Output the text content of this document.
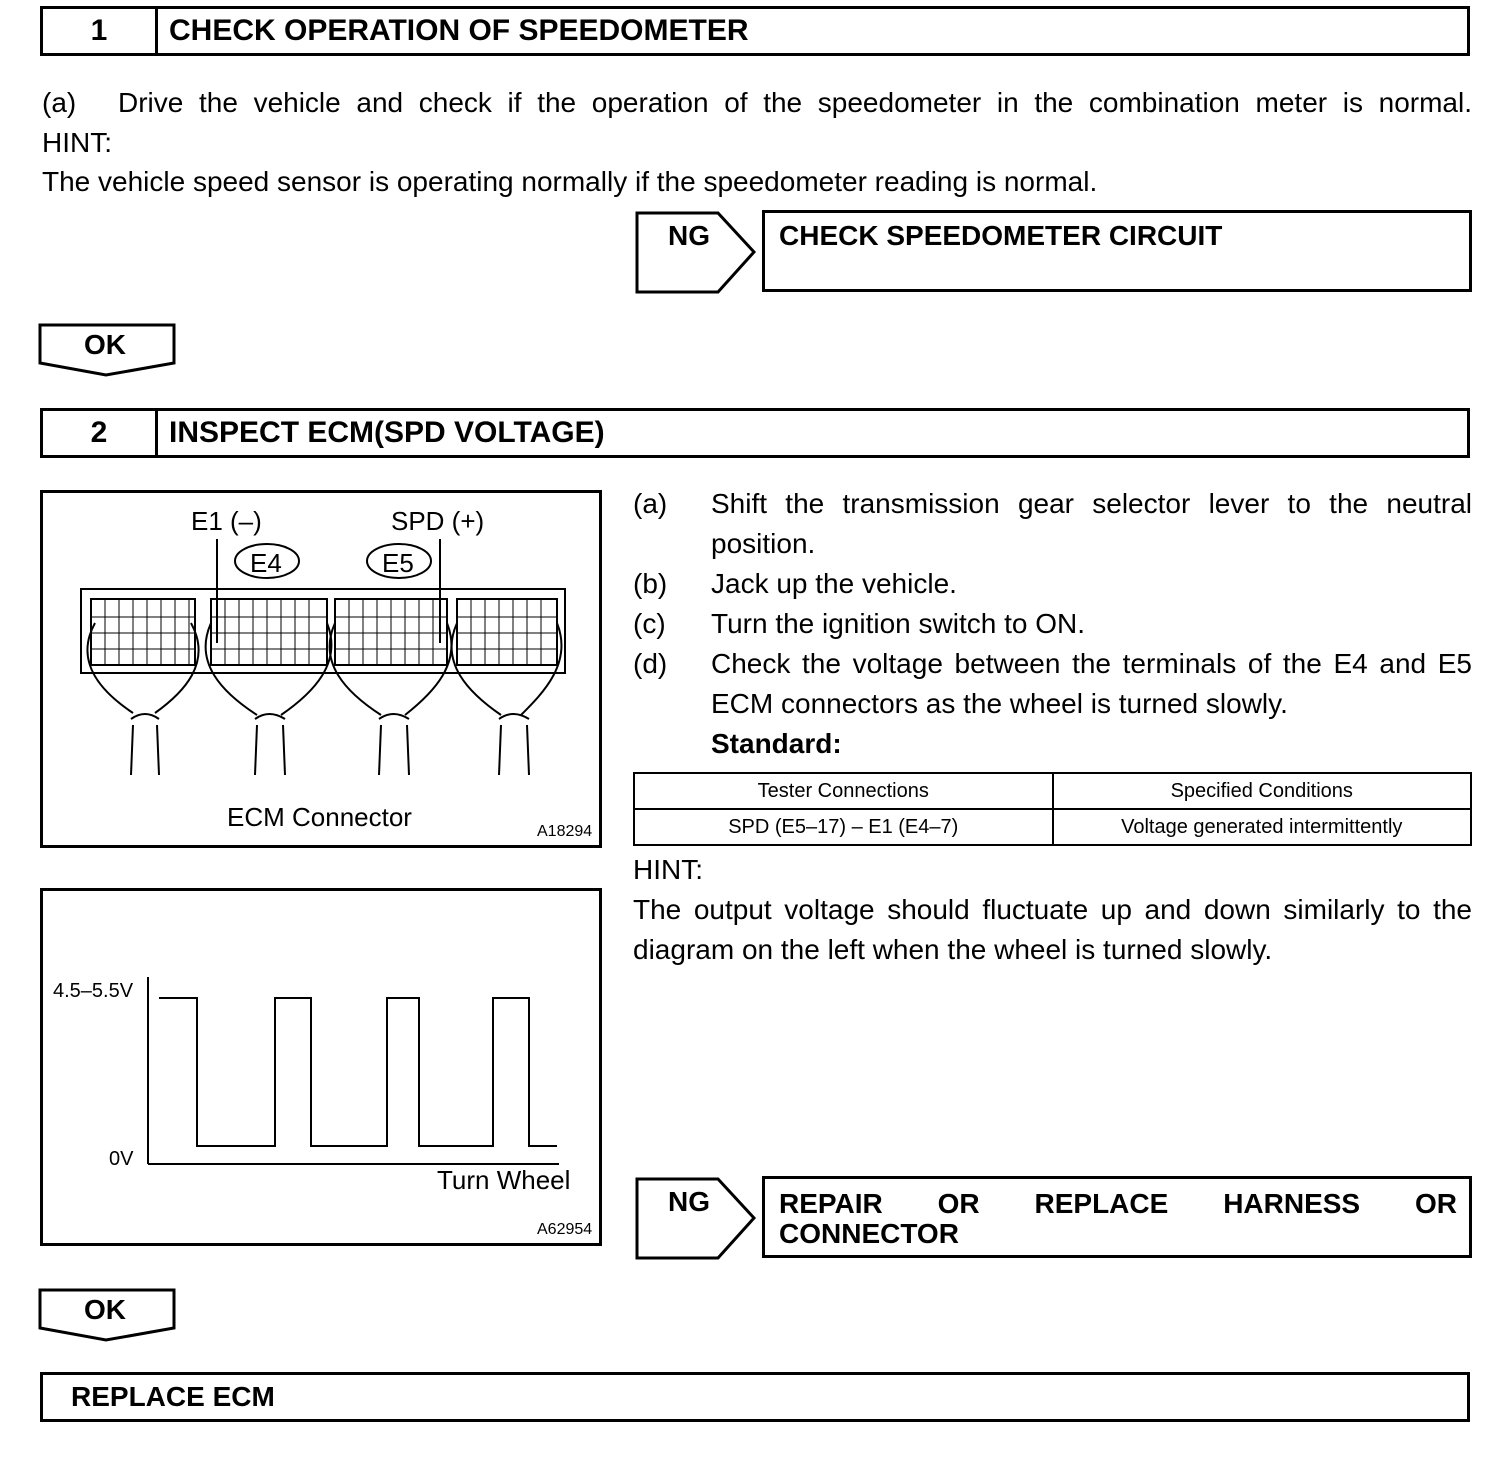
1	CHECK OPERATION OF SPEEDOMETER
(a) Drive the vehicle and check if the operation of the speedometer in the combination meter is normal.
HINT:
The vehicle speed sensor is operating normally if the speedometer reading is normal.
NG CHECK SPEEDOMETER CIRCUIT
OK
2	INSPECT ECM(SPD VOLTAGE)
E1 (–)	SPD (+)
E4	E5
ECM Connector	A18294
4.5–5.5V
0V
Turn Wheel
A62954
(a) Shift the transmission gear selector lever to the neutral
position.
(b) Jack up the vehicle.
(c) Turn the ignition switch to ON.
(d) Check the voltage between the terminals of the E4 and E5
ECM connectors as the wheel is turned slowly.
Standard:
Tester Connections	Specified Conditions
SPD (E5–17) – E1 (E4–7)	Voltage generated intermittently
HINT:
The output voltage should fluctuate up and down similarly to the
diagram on the left when the wheel is turned slowly.
NG REPAIR OR REPLACE HARNESS OR
CONNECTOR
OK
REPLACE ECM
